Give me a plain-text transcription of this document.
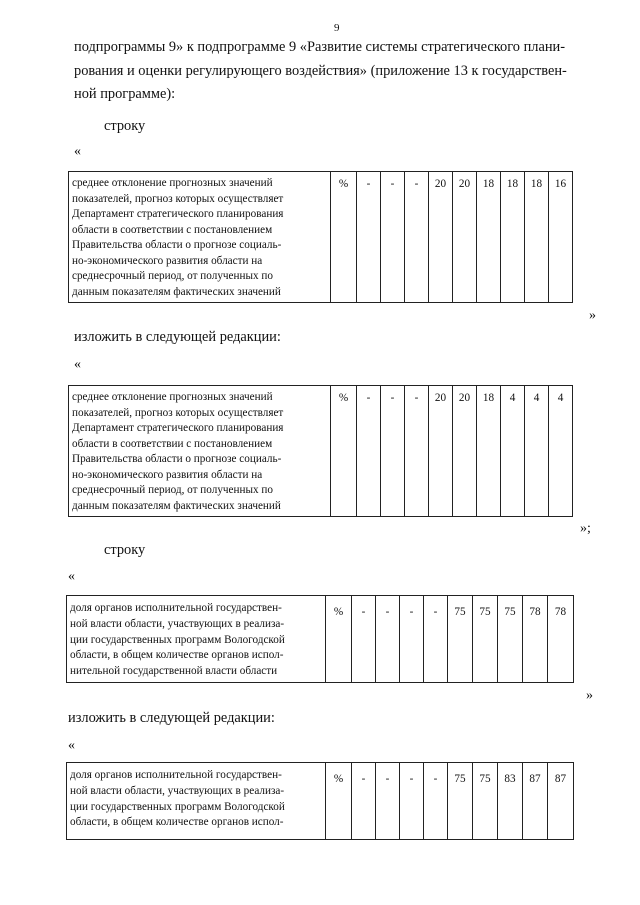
9
подпрограммы 9» к подпрограмме 9 «Развитие системы стратегического плани-
рования и оценки регулирующего воздействия» (приложение 13 к государствен-
ной программе):
строку
«
среднее отклонение прогнозных значений
показателей, прогноз которых осуществляет
Департамент стратегического планирования
области в соответствии с постановлением
Правительства области о прогнозе социаль-
но-экономического развития области на
среднесрочный период, от полученных по
данным показателям фактических значений
	%	-	-	-	20	20	18	18	18	16
»
изложить в следующей редакции:
«
среднее отклонение прогнозных значений
показателей, прогноз которых осуществляет
Департамент стратегического планирования
области в соответствии с постановлением
Правительства области о прогнозе социаль-
но-экономического развития области на
среднесрочный период, от полученных по
данным показателям фактических значений
	%	-	-	-	20	20	18	4	4	4
»;
строку
«
доля органов исполнительной государствен-
ной власти области, участвующих в реализа-
ции государственных программ Вологодской
области, в общем количестве органов испол-
нительной государственной власти области
	%	-	-	-	-	75	75	75	78	78
»
изложить в следующей редакции:
«
доля органов исполнительной государствен-
ной власти области, участвующих в реализа-
ции государственных программ Вологодской
области, в общем количестве органов испол-
	%	-	-	-	-	75	75	83	87	87
